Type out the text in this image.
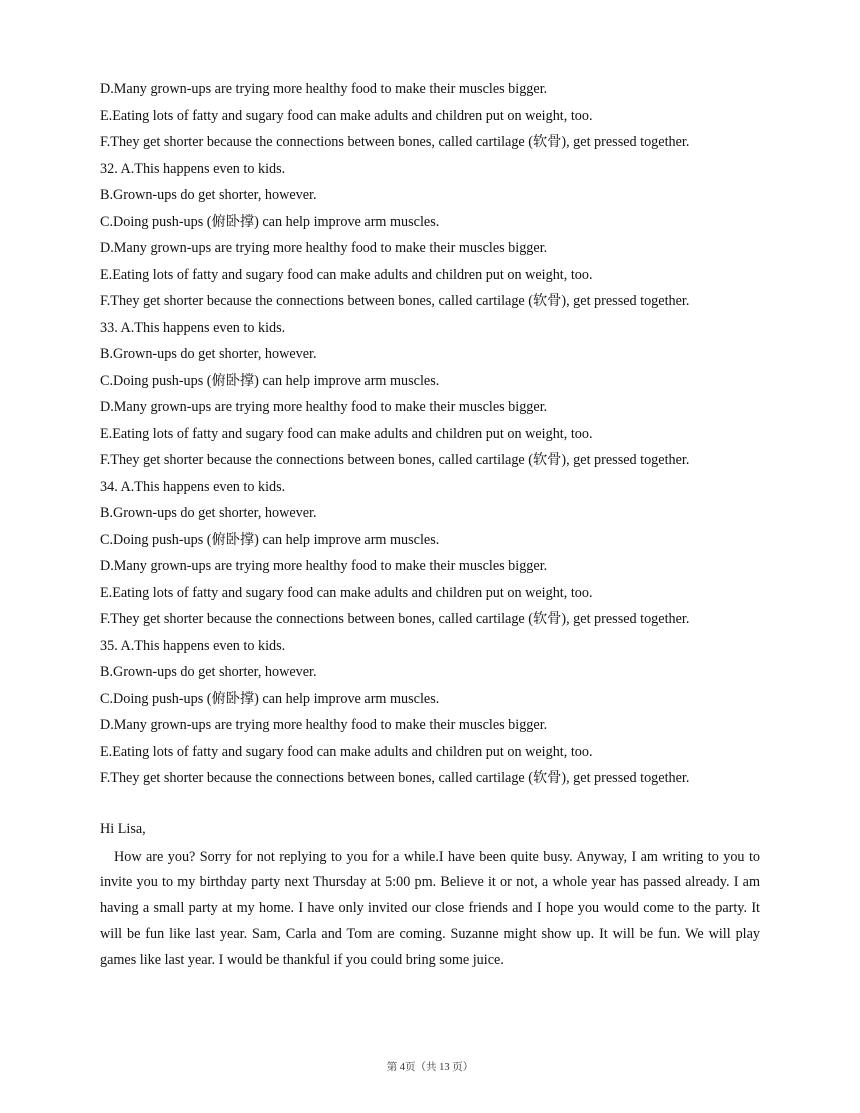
D.Many grown-ups are trying more healthy food to make their muscles bigger.
E.Eating lots of fatty and sugary food can make adults and children put on weight, too.
F.They get shorter because the connections between bones, called cartilage (软骨), get pressed together.
32. A.This happens even to kids.
B.Grown-ups do get shorter, however.
C.Doing push-ups (俯卧撑) can help improve arm muscles.
D.Many grown-ups are trying more healthy food to make their muscles bigger.
E.Eating lots of fatty and sugary food can make adults and children put on weight, too.
F.They get shorter because the connections between bones, called cartilage (软骨), get pressed together.
33. A.This happens even to kids.
B.Grown-ups do get shorter, however.
C.Doing push-ups (俯卧撑) can help improve arm muscles.
D.Many grown-ups are trying more healthy food to make their muscles bigger.
E.Eating lots of fatty and sugary food can make adults and children put on weight, too.
F.They get shorter because the connections between bones, called cartilage (软骨), get pressed together.
34. A.This happens even to kids.
B.Grown-ups do get shorter, however.
C.Doing push-ups (俯卧撑) can help improve arm muscles.
D.Many grown-ups are trying more healthy food to make their muscles bigger.
E.Eating lots of fatty and sugary food can make adults and children put on weight, too.
F.They get shorter because the connections between bones, called cartilage (软骨), get pressed together.
35. A.This happens even to kids.
B.Grown-ups do get shorter, however.
C.Doing push-ups (俯卧撑) can help improve arm muscles.
D.Many grown-ups are trying more healthy food to make their muscles bigger.
E.Eating lots of fatty and sugary food can make adults and children put on weight, too.
F.They get shorter because the connections between bones, called cartilage (软骨), get pressed together.
Hi Lisa,

How are you? Sorry for not replying to you for a while.I have been quite busy. Anyway, I am writing to you to invite you to my birthday party next Thursday at 5:00 pm. Believe it or not, a whole year has passed already. I am having a small party at my home. I have only invited our close friends and I hope you would come to the party. It will be fun like last year. Sam, Carla and Tom are coming. Suzanne might show up. It will be fun. We will play games like last year. I would be thankful if you could bring some juice.

第 4页（共 13 页）
